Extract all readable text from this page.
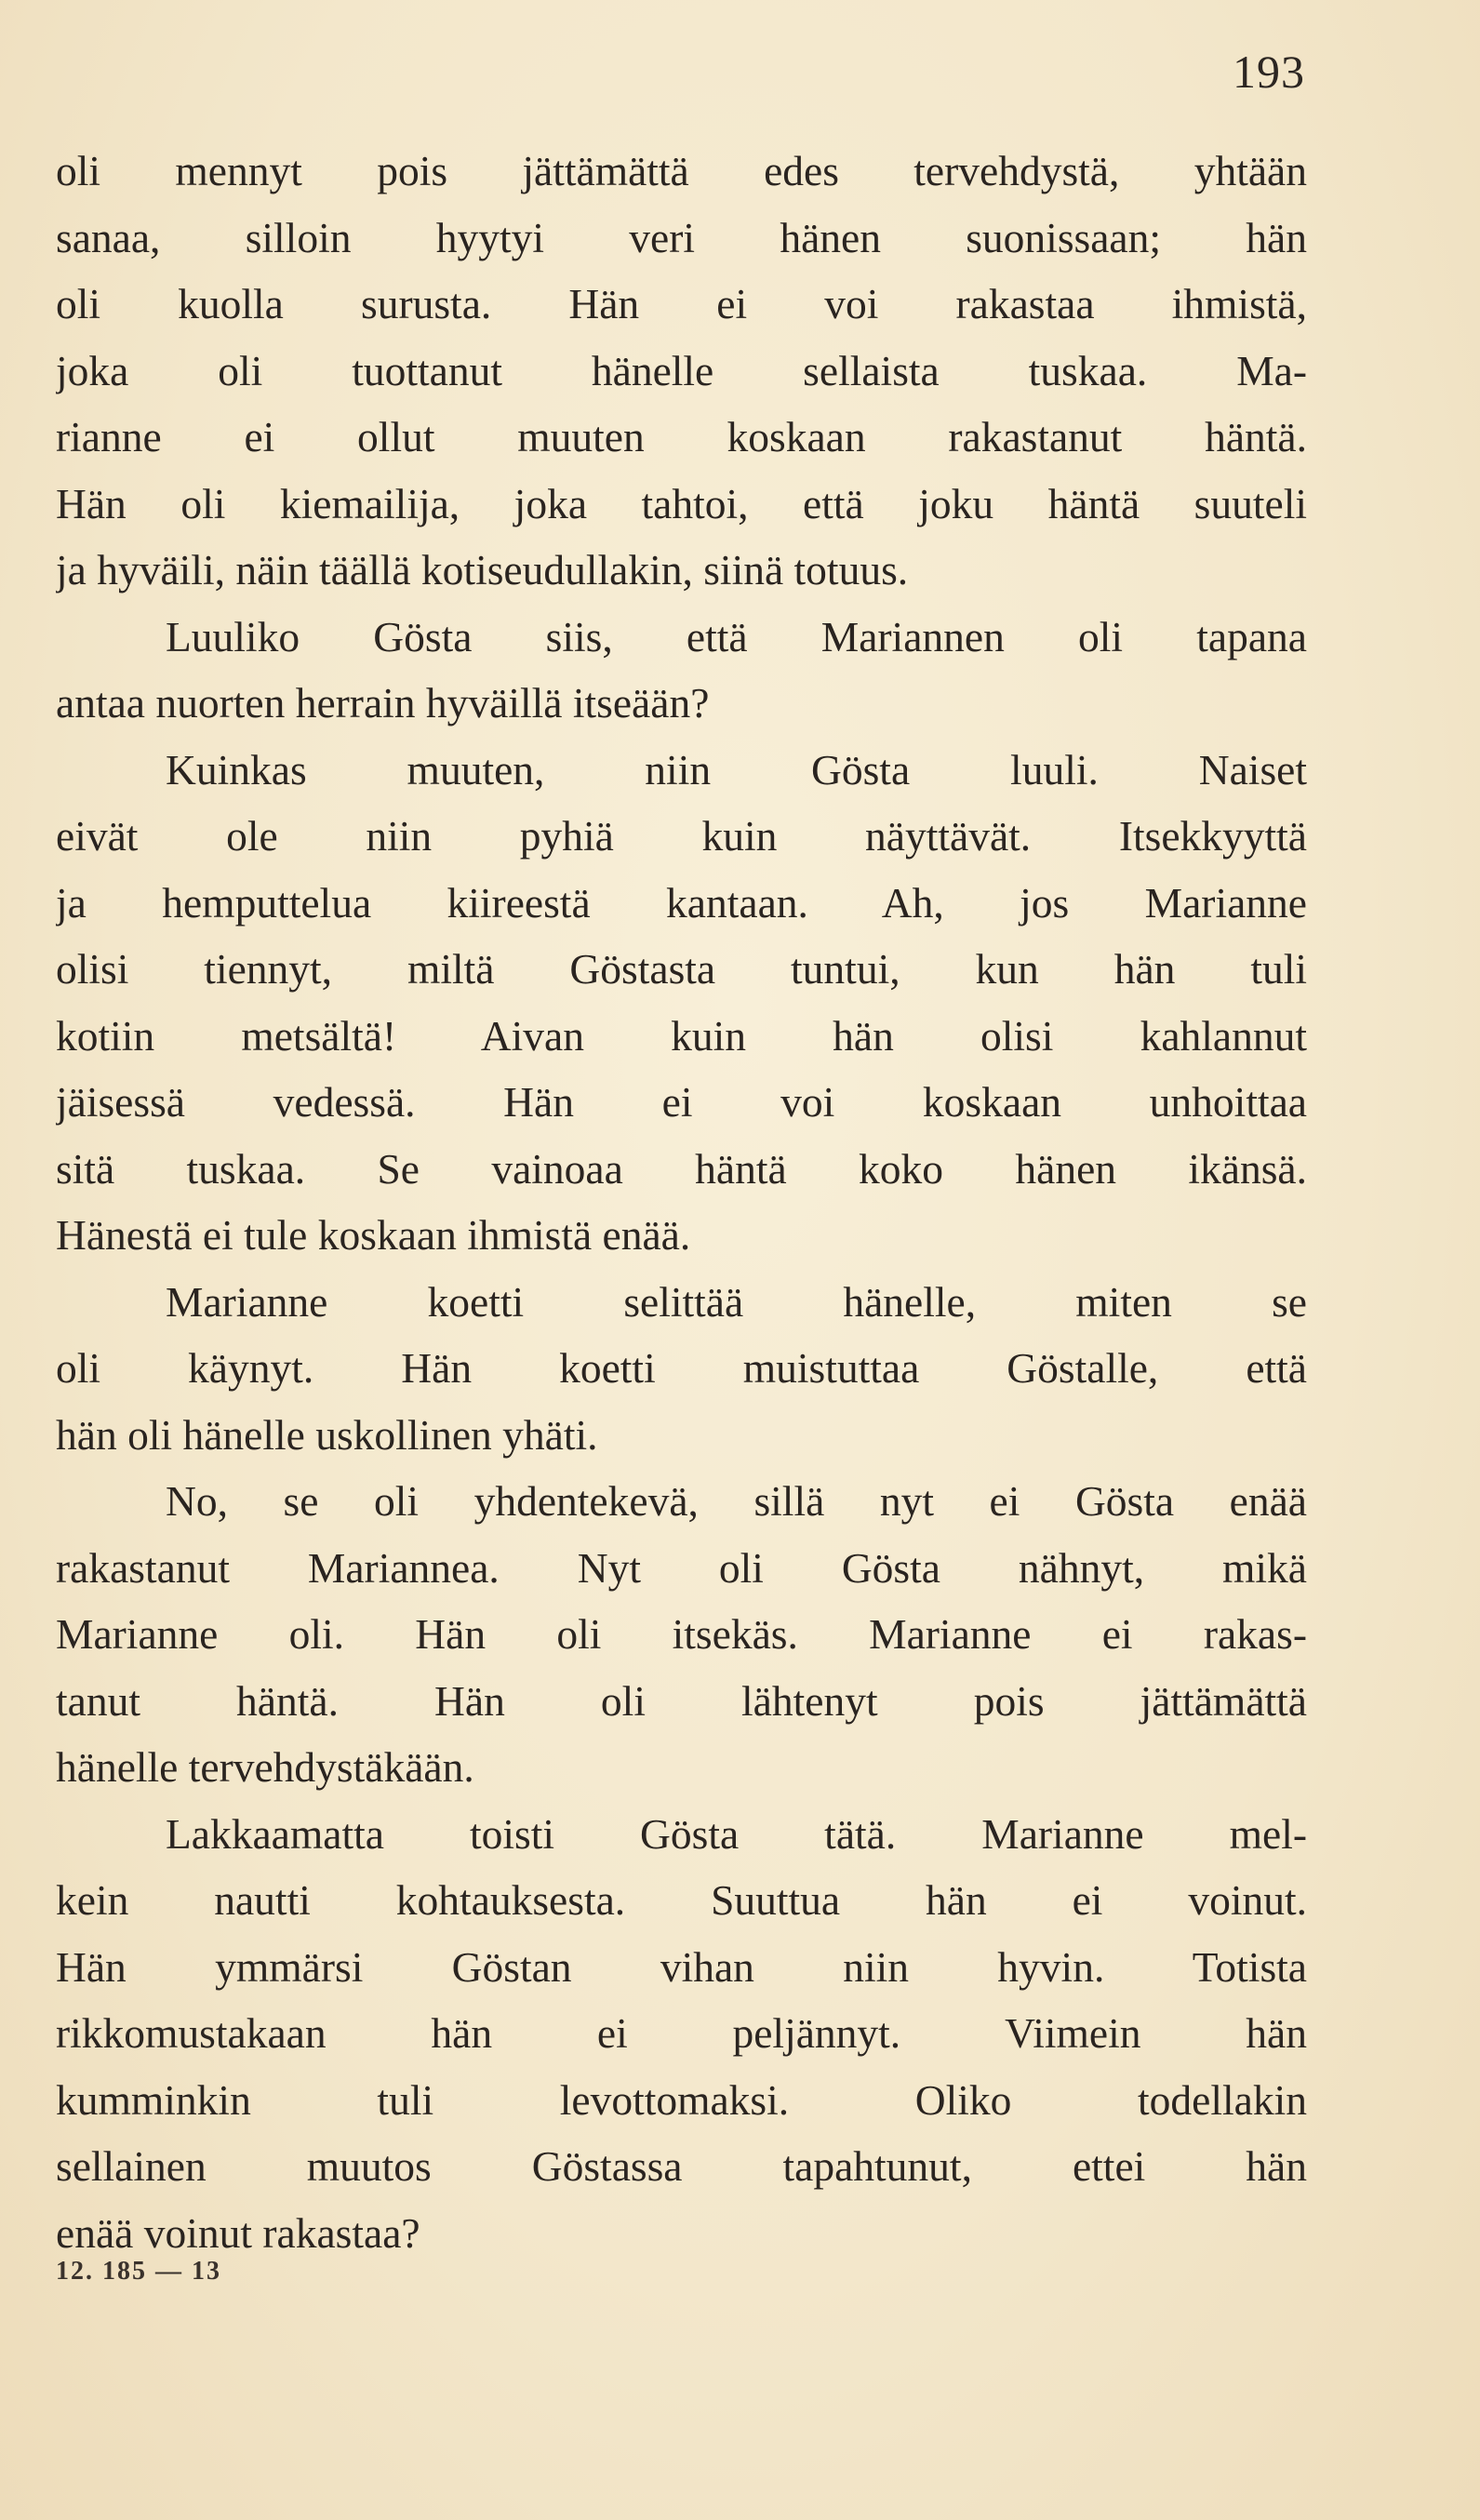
193
oli mennyt pois jättämättä edes tervehdystä, yhtään
sanaa, silloin hyytyi veri hänen suonissaan; hän
oli kuolla surusta. Hän ei voi rakastaa ihmistä,
joka oli tuottanut hänelle sellaista tuskaa. Ma-
rianne ei ollut muuten koskaan rakastanut häntä.
Hän oli kiemailija, joka tahtoi, että joku häntä suuteli
ja hyväili, näin täällä kotiseudullakin, siinä totuus.
Luuliko Gösta siis, että Mariannen oli tapana
antaa nuorten herrain hyväillä itseään?
Kuinkas muuten, niin Gösta luuli. Naiset
eivät ole niin pyhiä kuin näyttävät. Itsekkyyttä
ja hemputtelua kiireestä kantaan. Ah, jos Marianne
olisi tiennyt, miltä Göstasta tuntui, kun hän tuli
kotiin metsältä! Aivan kuin hän olisi kahlannut
jäisessä vedessä. Hän ei voi koskaan unhoittaa
sitä tuskaa. Se vainoaa häntä koko hänen ikänsä.
Hänestä ei tule koskaan ihmistä enää.
Marianne koetti selittää hänelle, miten se
oli käynyt. Hän koetti muistuttaa Göstalle, että
hän oli hänelle uskollinen yhäti.
No, se oli yhdentekevä, sillä nyt ei Gösta enää
rakastanut Mariannea. Nyt oli Gösta nähnyt, mikä
Marianne oli. Hän oli itsekäs. Marianne ei rakas-
tanut häntä. Hän oli lähtenyt pois jättämättä
hänelle tervehdystäkään.
Lakkaamatta toisti Gösta tätä. Marianne mel-
kein nautti kohtauksesta. Suuttua hän ei voinut.
Hän ymmärsi Göstan vihan niin hyvin. Totista
rikkomustakaan hän ei peljännyt. Viimein hän
kumminkin tuli levottomaksi. Oliko todellakin
sellainen muutos Göstassa tapahtunut, ettei hän
enää voinut rakastaa?
12. 185 — 13
